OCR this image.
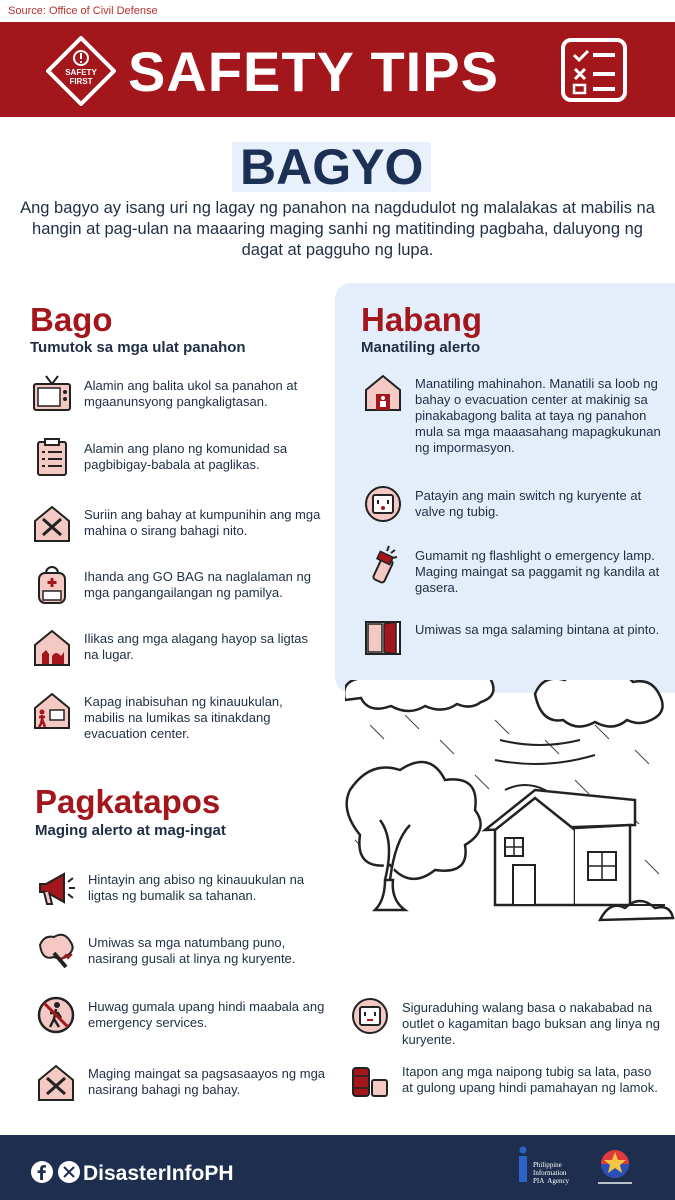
Source: Office of Civil Defense
SAFETY
FIRST SAFETY TIPS
BAGYO
Ang bagyo ay isang uri ng lagay ng panahon na nagdudulot ng malalakas at mabilis na hangin at pag-ulan na maaaring maging sanhi ng matitinding pagbaha, daluyong ng dagat at pagguho ng lupa.
Bago
Tumutok sa mga ulat panahon
Alamin ang balita ukol sa panahon at mgaanunsyong pangkaligtasan.
Alamin ang plano ng komunidad sa pagbibigay-babala at paglikas.
Suriin ang bahay at kumpunihin ang mga mahina o sirang bahagi nito.
Ihanda ang GO BAG na naglalaman ng mga pangangailangan ng pamilya.
Ilikas ang mga alagang hayop sa ligtas na lugar.
Kapag inabisuhan ng kinauukulan, mabilis na lumikas sa itinakdang evacuation center.
Habang
Manatiling alerto
Manatiling mahinahon. Manatili sa loob ng bahay o evacuation center at makinig sa pinakabagong balita at taya ng panahon mula sa mga maaasahang mapagkukunan ng impormasyon.
Patayin ang main switch ng kuryente at valve ng tubig.
Gumamit ng flashlight o emergency lamp. Maging maingat sa paggamit ng kandila at gasera.
Umiwas sa mga salaming bintana at pinto.
Pagkatapos
Maging alerto at mag-ingat
Hintayin ang abiso ng kinauukulan na ligtas ng bumalik sa tahanan.
Umiwas sa mga natumbang puno, nasirang gusali at linya ng kuryente.
Huwag gumala upang hindi maabala ang emergency services.
Maging maingat sa pagsasaayos ng mga nasirang bahagi ng bahay.
Siguraduhing walang basa o nakababad na outlet o kagamitan bago buksan ang linya ng kuryente.
Itapon ang mga naipong tubig sa lata, paso at gulong upang hindi pamahayan ng lamok.
DisasterInfoPH	Philippine
Information
PIA Agency
